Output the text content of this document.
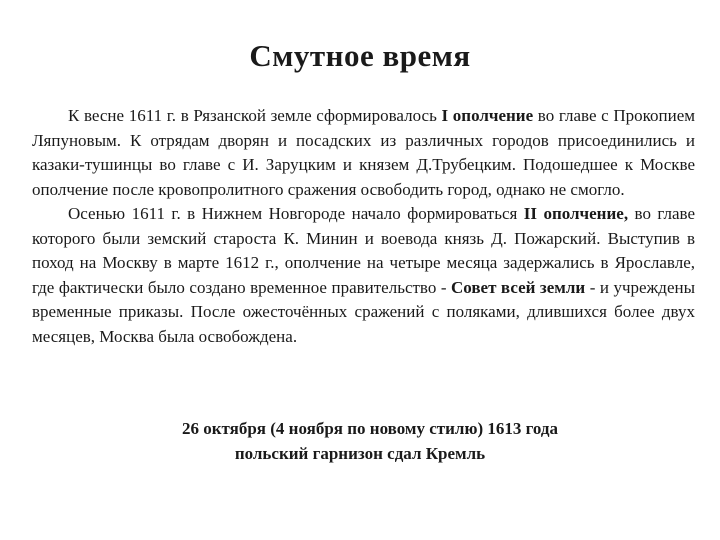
Смутное время

К весне 1611 г. в Рязанской земле сформировалось I ополчение во главе с Прокопием Ляпуновым. К отрядам дворян и посадских из различных городов присоединились и казаки-тушинцы во главе с И. Заруцким и князем Д.Трубецким. Подошедшее к Москве ополчение после кровопролитного сражения освободить город, однако не смогло.

Осенью 1611 г. в Нижнем Новгороде начало формироваться II ополчение, во главе которого были земский староста К. Минин и воевода князь Д. Пожарский. Выступив в поход на Москву в марте 1612 г., ополчение на четыре месяца задержались в Ярославле, где фактически было создано временное правительство - Совет всей земли - и учреждены временные приказы. После ожесточённых сражений с поляками, длившихся более двух месяцев, Москва была освобождена.

26 октября (4 ноября по новому стилю) 1613 года
польский гарнизон сдал Кремль
